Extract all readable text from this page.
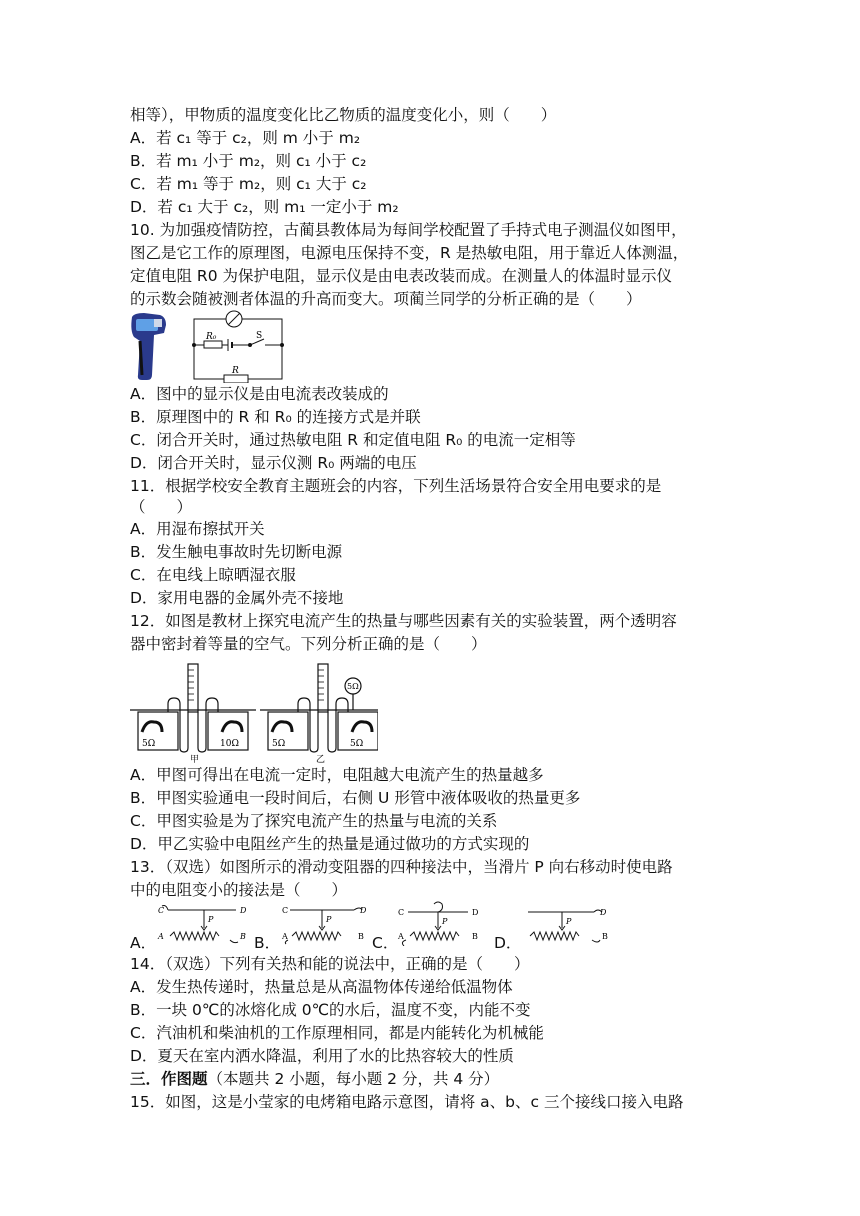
相等），甲物质的温度变化比乙物质的温度变化小，则（　　）
A．若 c₁ 等于 c₂，则 m 小于 m₂
B．若 m₁ 小于 m₂，则 c₁ 小于 c₂
C．若 m₁ 等于 m₂，则 c₁ 大于 c₂
D．若 c₁ 大于 c₂，则 m₁ 一定小于 m₂
10. 为加强疫情防控，古蔺县教体局为每间学校配置了手持式电子测温仪如图甲，
图乙是它工作的原理图，电源电压保持不变，R 是热敏电阻，用于靠近人体测温，
定值电阻 R0 为保护电阻，显示仪是由电表改装而成。在测量人的体温时显示仪
的示数会随被测者体温的升高而变大。项蔺兰同学的分析正确的是（　　）
R₀	S
R
A．图中的显示仪是由电流表改装成的
B．原理图中的 R 和 R₀ 的连接方式是并联
C．闭合开关时，通过热敏电阻 R 和定值电阻 R₀ 的电流一定相等
D．闭合开关时，显示仪测 R₀ 两端的电压
11．根据学校安全教育主题班会的内容，下列生活场景符合安全用电要求的是
（　　）
A．用湿布擦拭开关
B．发生触电事故时先切断电源
C．在电线上晾晒湿衣服
D．家用电器的金属外壳不接地
12．如图是教材上探究电流产生的热量与哪些因素有关的实验装置，两个透明容
器中密封着等量的空气。下列分析正确的是（　　）
5Ω	10Ω
甲
5Ω	5Ω
5Ω
乙
A．甲图可得出在电流一定时，电阻越大电流产生的热量越多
B．甲图实验通电一段时间后，右侧 U 形管中液体吸收的热量更多
C．甲图实验是为了探究电流产生的热量与电流的关系
D．甲乙实验中电阻丝产生的热量是通过做功的方式实现的
13．（双选）如图所示的滑动变阻器的四种接法中，当滑片 P 向右移动时使电路
中的电阻变小的接法是（　　）
A．	B．	C．	D．
C	D
A	B
P
C	D
A	B
P
C	D
A	B
P
D
B
P
14．（双选）下列有关热和能的说法中，正确的是（　　）
A．发生热传递时，热量总是从高温物体传递给低温物体
B．一块 0℃的冰熔化成 0℃的水后，温度不变，内能不变
C．汽油机和柴油机的工作原理相同，都是内能转化为机械能
D．夏天在室内洒水降温，利用了水的比热容较大的性质
三．作图题（本题共 2 小题，每小题 2 分，共 4 分）
15．如图，这是小莹家的电烤箱电路示意图，请将 a、b、c 三个接线口接入电路
